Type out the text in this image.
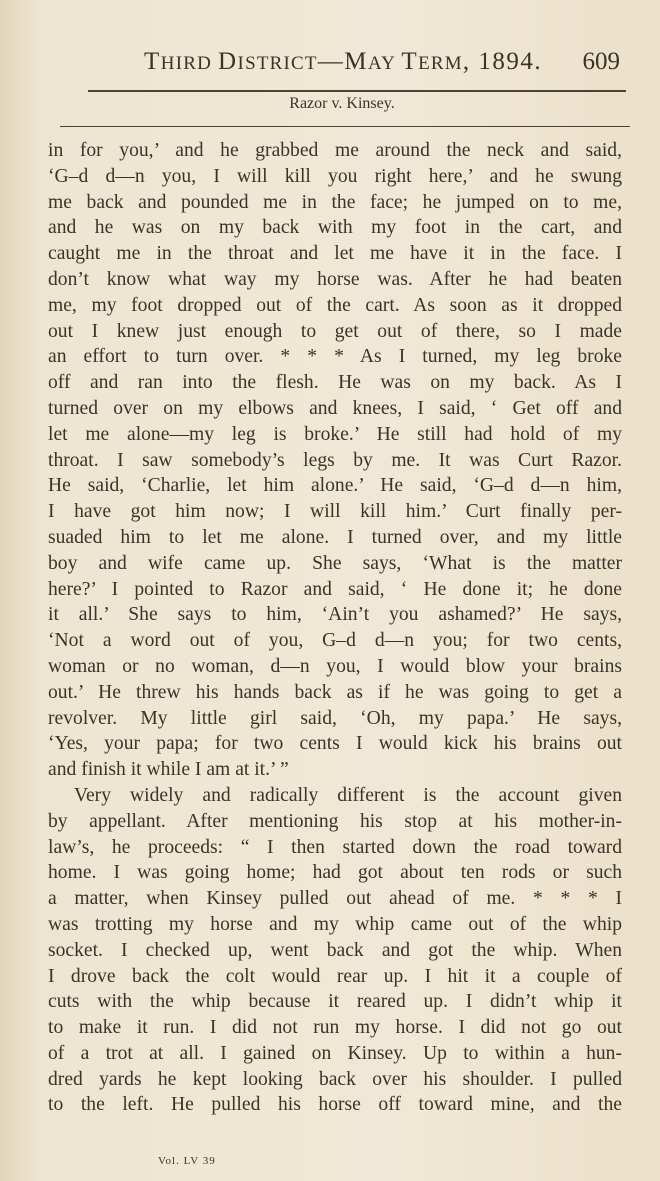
THIRD DISTRICT—MAY TERM, 1894. 609
Razor v. Kinsey.
in for you,’ and he grabbed me around the neck and said,
‘G–d d—n you, I will kill you right here,’ and he swung
me back and pounded me in the face; he jumped on to me,
and he was on my back with my foot in the cart, and
caught me in the throat and let me have it in the face. I
don’t know what way my horse was. After he had beaten
me, my foot dropped out of the cart. As soon as it dropped
out I knew just enough to get out of there, so I made
an effort to turn over. * * * As I turned, my leg broke
off and ran into the flesh. He was on my back. As I
turned over on my elbows and knees, I said, ‘ Get off and
let me alone—my leg is broke.’ He still had hold of my
throat. I saw somebody’s legs by me. It was Curt Razor.
He said, ‘Charlie, let him alone.’ He said, ‘G–d d—n him,
I have got him now; I will kill him.’ Curt finally per-
suaded him to let me alone. I turned over, and my little
boy and wife came up. She says, ‘What is the matter
here?’ I pointed to Razor and said, ‘ He done it; he done
it all.’ She says to him, ‘Ain’t you ashamed?’ He says,
‘Not a word out of you, G–d d—n you; for two cents,
woman or no woman, d—n you, I would blow your brains
out.’ He threw his hands back as if he was going to get a
revolver. My little girl said, ‘Oh, my papa.’ He says,
‘Yes, your papa; for two cents I would kick his brains out
and finish it while I am at it.’ ”
Very widely and radically different is the account given
by appellant. After mentioning his stop at his mother-in-
law’s, he proceeds: “ I then started down the road toward
home. I was going home; had got about ten rods or such
a matter, when Kinsey pulled out ahead of me. * * * I
was trotting my horse and my whip came out of the whip
socket. I checked up, went back and got the whip. When
I drove back the colt would rear up. I hit it a couple of
cuts with the whip because it reared up. I didn’t whip it
to make it run. I did not run my horse. I did not go out
of a trot at all. I gained on Kinsey. Up to within a hun-
dred yards he kept looking back over his shoulder. I pulled
to the left. He pulled his horse off toward mine, and the
Vol. LV 39
